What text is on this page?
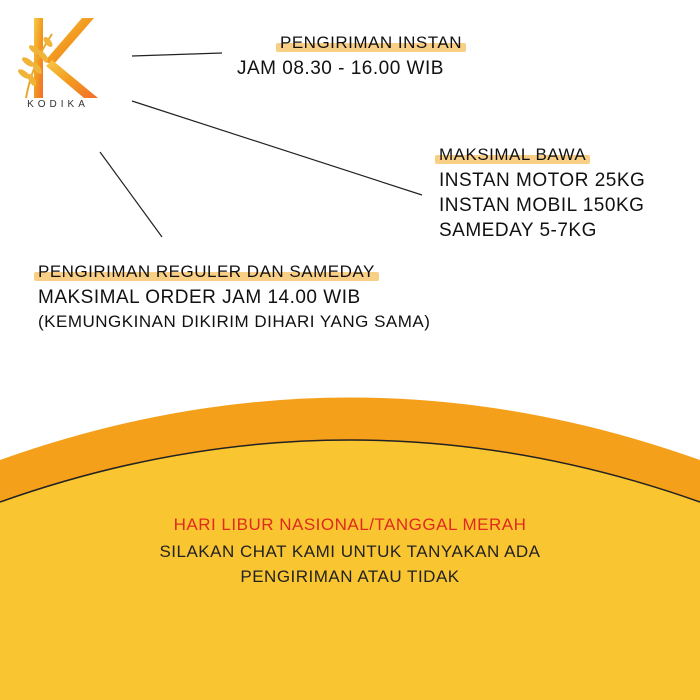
KODIKA
PENGIRIMAN INSTAN
JAM 08.30 - 16.00 WIB
MAKSIMAL BAWA
INSTAN MOTOR 25KG
INSTAN MOBIL 150KG
SAMEDAY 5-7KG
PENGIRIMAN REGULER DAN SAMEDAY
MAKSIMAL ORDER JAM 14.00 WIB
(KEMUNGKINAN DIKIRIM DIHARI YANG SAMA)
HARI LIBUR NASIONAL/TANGGAL MERAH
SILAKAN CHAT KAMI UNTUK TANYAKAN ADA
PENGIRIMAN ATAU TIDAK
